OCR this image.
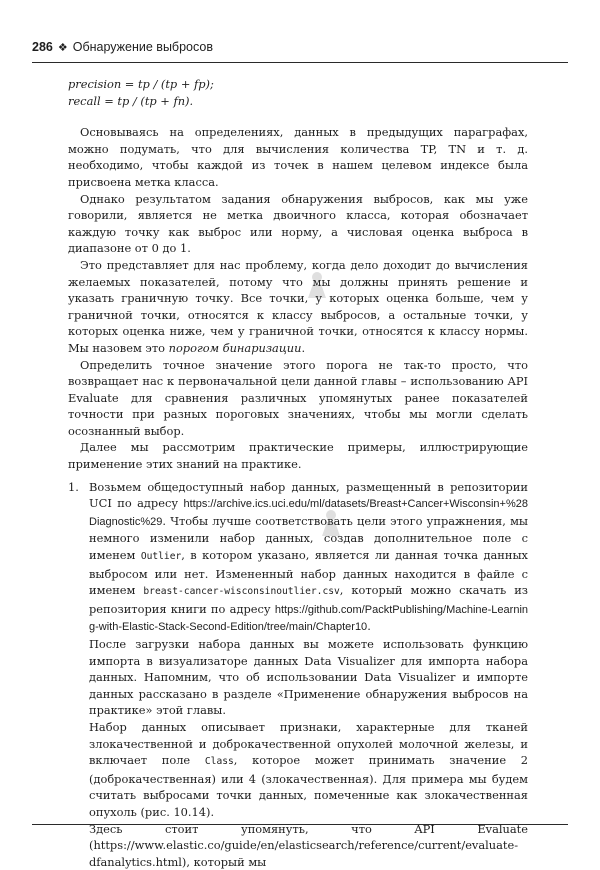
286 ❖ Обнаружение выбросов
precision = tp / (tp + fp);
recall = tp / (tp + fn).

Основываясь на определениях, данных в предыдущих параграфах, можно подумать, что для вычисления количества TP, TN и т. д. необходимо, чтобы каждой из точек в нашем целевом индексе была присвоена метка класса.

Однако результатом задания обнаружения выбросов, как мы уже говорили, является не метка двоичного класса, которая обозначает каждую точку как выброс или норму, а числовая оценка выброса в диапазоне от 0 до 1.

Это представляет для нас проблему, когда дело доходит до вычисления желаемых показателей, потому что мы должны принять решение и указать граничную точку. Все точки, у которых оценка больше, чем у граничной точки, относятся к классу выбросов, а остальные точки, у которых оценка ниже, чем у граничной точки, относятся к классу нормы. Мы назовем это порогом бинаризации.

Определить точное значение этого порога не так-то просто, что возвращает нас к первоначальной цели данной главы – использованию API Evaluate для сравнения различных упомянутых ранее показателей точности при разных пороговых значениях, чтобы мы могли сделать осознанный выбор.

Далее мы рассмотрим практические примеры, иллюстрирующие применение этих знаний на практике.

1. Возьмем общедоступный набор данных, размещенный в репозитории UCI по адресу https://archive.ics.uci.edu/ml/datasets/Breast+Cancer+Wisconsin+%28Diagnostic%29. Чтобы лучше соответствовать цели этого упражнения, мы немного изменили набор данных, создав дополнительное поле с именем Outlier, в котором указано, является ли данная точка данных выбросом или нет. Измененный набор данных находится в файле с именем breast-cancer-wisconsinoutlier.csv, который можно скачать из репозитория книги по адресу https://github.com/PacktPublishing/Machine-Learning-with-Elastic-Stack-Second-Edition/tree/main/Chapter10.
После загрузки набора данных вы можете использовать функцию импорта в визуализаторе данных Data Visualizer для импорта набора данных. Напомним, что об использовании Data Visualizer и импорте данных рассказано в разделе «Применение обнаружения выбросов на практике» этой главы.
Набор данных описывает признаки, характерные для тканей злокачественной и доброкачественной опухолей молочной железы, и включает поле Class, которое может принимать значение 2 (доброкачественная) или 4 (злокачественная). Для примера мы будем считать выбросами точки данных, помеченные как злокачественная опухоль (рис. 10.14).
Здесь стоит упомянуть, что API Evaluate (https://www.elastic.co/guide/en/elasticsearch/reference/current/evaluate-dfanalytics.html), который мы
